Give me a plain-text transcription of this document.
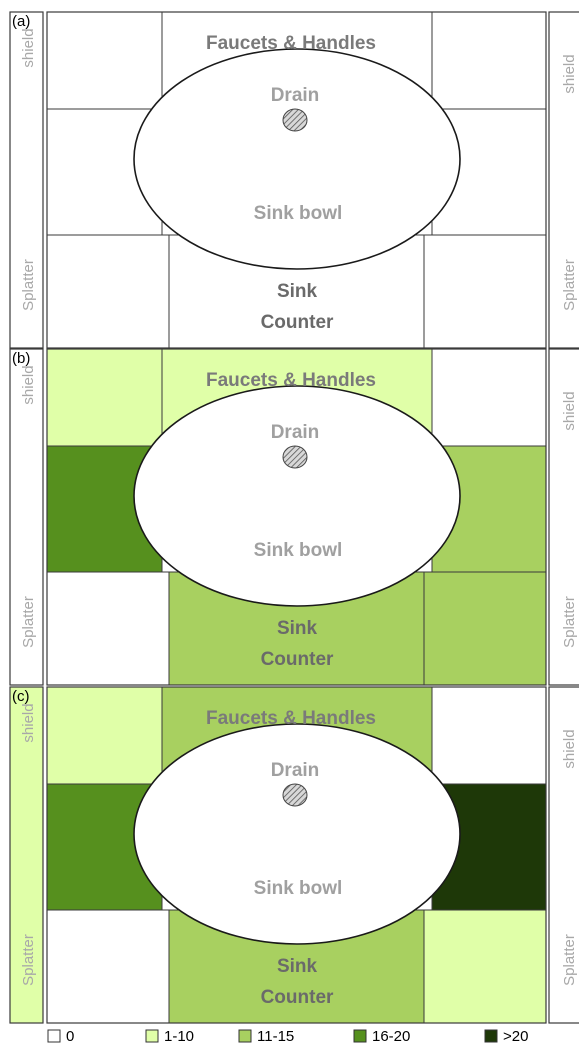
(a)
Faucets & Handles
Drain
Sink bowl
Sink
Counter
shield
Splatter
shield
Splatter
(b)
Faucets & Handles
Drain
Sink bowl
Sink
Counter
shield
Splatter
shield
Splatter
(c)
Faucets & Handles
Drain
Sink bowl
Sink
Counter
shield
Splatter
shield
Splatter
0	1-10	11-15	16-20	>20
